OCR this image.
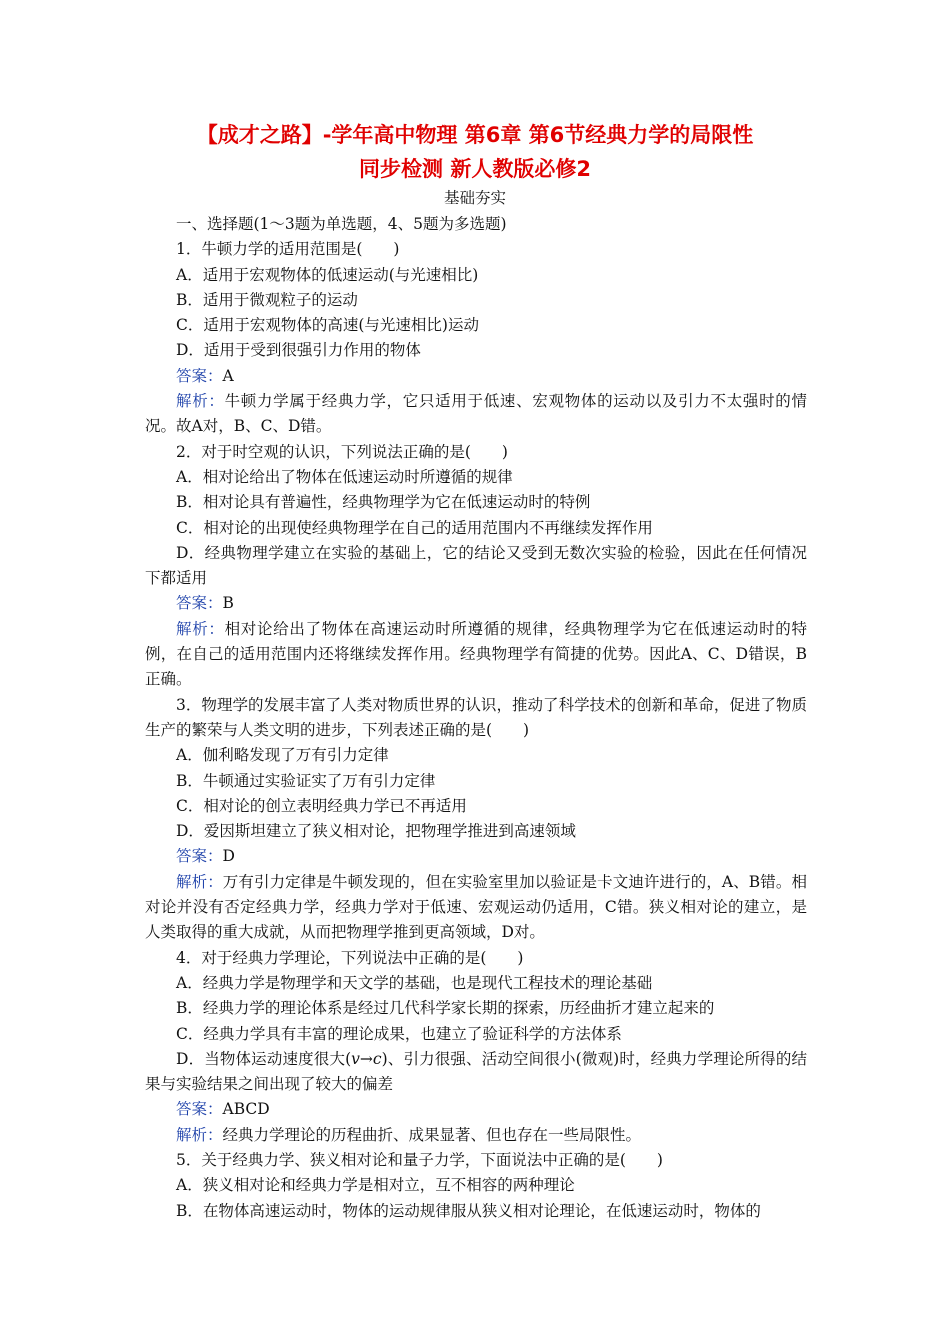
【成才之路】-学年高中物理 第6章 第6节经典力学的局限性
同步检测 新人教版必修2
基础夯实

一、选择题(1～3题为单选题，4、5题为多选题)

1．牛顿力学的适用范围是(　　)

A．适用于宏观物体的低速运动(与光速相比)

B．适用于微观粒子的运动

C．适用于宏观物体的高速(与光速相比)运动

D．适用于受到很强引力作用的物体

答案：A

解析：牛顿力学属于经典力学，它只适用于低速、宏观物体的运动以及引力不太强时的情况。故A对，B、C、D错。

2．对于时空观的认识，下列说法正确的是(　　)

A．相对论给出了物体在低速运动时所遵循的规律

B．相对论具有普遍性，经典物理学为它在低速运动时的特例

C．相对论的出现使经典物理学在自己的适用范围内不再继续发挥作用

D．经典物理学建立在实验的基础上，它的结论又受到无数次实验的检验，因此在任何情况下都适用

答案：B

解析：相对论给出了物体在高速运动时所遵循的规律，经典物理学为它在低速运动时的特例，在自己的适用范围内还将继续发挥作用。经典物理学有简捷的优势。因此A、C、D错误，B正确。

3．物理学的发展丰富了人类对物质世界的认识，推动了科学技术的创新和革命，促进了物质生产的繁荣与人类文明的进步，下列表述正确的是(　　)

A．伽利略发现了万有引力定律

B．牛顿通过实验证实了万有引力定律

C．相对论的创立表明经典力学已不再适用

D．爱因斯坦建立了狭义相对论，把物理学推进到高速领域

答案：D

解析：万有引力定律是牛顿发现的，但在实验室里加以验证是卡文迪许进行的，A、B错。相对论并没有否定经典力学，经典力学对于低速、宏观运动仍适用，C错。狭义相对论的建立，是人类取得的重大成就，从而把物理学推到更高领域，D对。

4．对于经典力学理论，下列说法中正确的是(　　)

A．经典力学是物理学和天文学的基础，也是现代工程技术的理论基础

B．经典力学的理论体系是经过几代科学家长期的探索，历经曲折才建立起来的

C．经典力学具有丰富的理论成果，也建立了验证科学的方法体系

D．当物体运动速度很大(v→c)、引力很强、活动空间很小(微观)时，经典力学理论所得的结果与实验结果之间出现了较大的偏差

答案：ABCD

解析：经典力学理论的历程曲折、成果显著、但也存在一些局限性。

5．关于经典力学、狭义相对论和量子力学，下面说法中正确的是(　　)

A．狭义相对论和经典力学是相对立，互不相容的两种理论

B．在物体高速运动时，物体的运动规律服从狭义相对论理论，在低速运动时，物体的
